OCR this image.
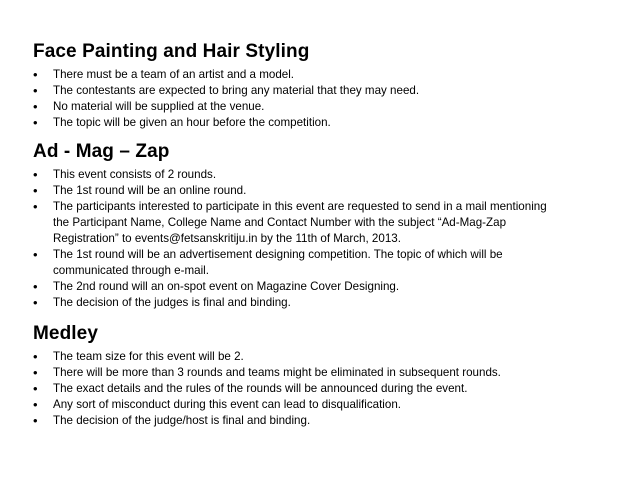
Face Painting and Hair Styling
• There must be a team of an artist and a model.
• The contestants are expected to bring any material that they may need.
• No material will be supplied at the venue.
• The topic will be given an hour before the competition.
Ad - Mag – Zap
• This event consists of 2 rounds.
• The 1st round will be an online round.
• The participants interested to participate in this event are requested to send in a mail mentioning
the Participant Name, College Name and Contact Number with the subject “Ad-Mag-Zap
Registration” to events@fetsanskritiju.in by the 11th of March, 2013.
• The 1st round will be an advertisement designing competition. The topic of which will be
communicated through e-mail.
• The 2nd round will an on-spot event on Magazine Cover Designing.
• The decision of the judges is final and binding.
Medley
• The team size for this event will be 2.
• There will be more than 3 rounds and teams might be eliminated in subsequent rounds.
• The exact details and the rules of the rounds will be announced during the event.
• Any sort of misconduct during this event can lead to disqualification.
• The decision of the judge/host is final and binding.
